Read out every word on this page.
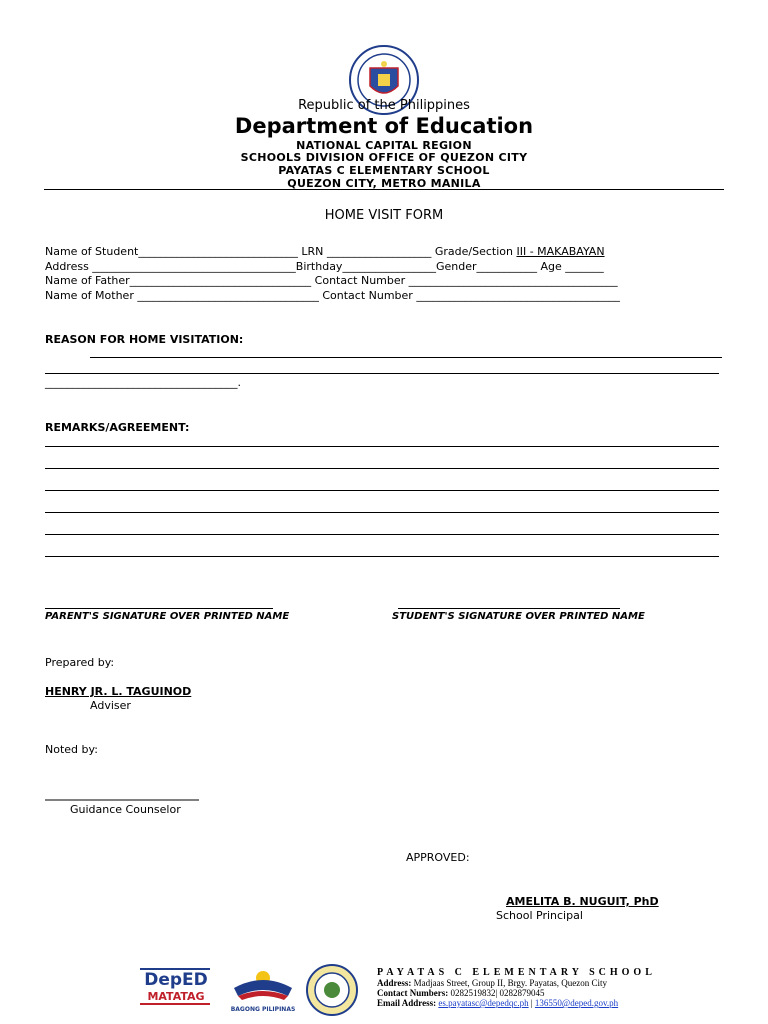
Republic of the Philippines
Department of Education
NATIONAL CAPITAL REGION
SCHOOLS DIVISION OFFICE OF QUEZON CITY
PAYATAS C ELEMENTARY SCHOOL
QUEZON CITY, METRO MANILA
HOME VISIT FORM
Name of Student_____________________________ LRN ___________________ Grade/Section III - MAKABAYAN
Address _____________________________________Birthday_________________Gender___________ Age _______
Name of Father_________________________________ Contact Number ______________________________________
Name of Mother _________________________________ Contact Number _____________________________________
REASON FOR HOME VISITATION:
___________________________________.
REMARKS/AGREEMENT:
PARENT'S SIGNATURE OVER PRINTED NAME	STUDENT'S SIGNATURE OVER PRINTED NAME
Prepared by:
HENRY JR. L. TAGUINOD
Adviser
Noted by:
____________________________
Guidance Counselor
APPROVED:
AMELITA B. NUGUIT, PhD
School Principal
DepED
MATATAG
BAGONG PILIPINAS
PAYATAS C ELEMENTARY SCHOOL
Address: Madjaas Street, Group II, Brgy. Payatas, Quezon City
Contact Numbers: 0282519832| 0282879045
Email Address: es.payatasc@depedqc.ph | 136550@deped.gov.ph
